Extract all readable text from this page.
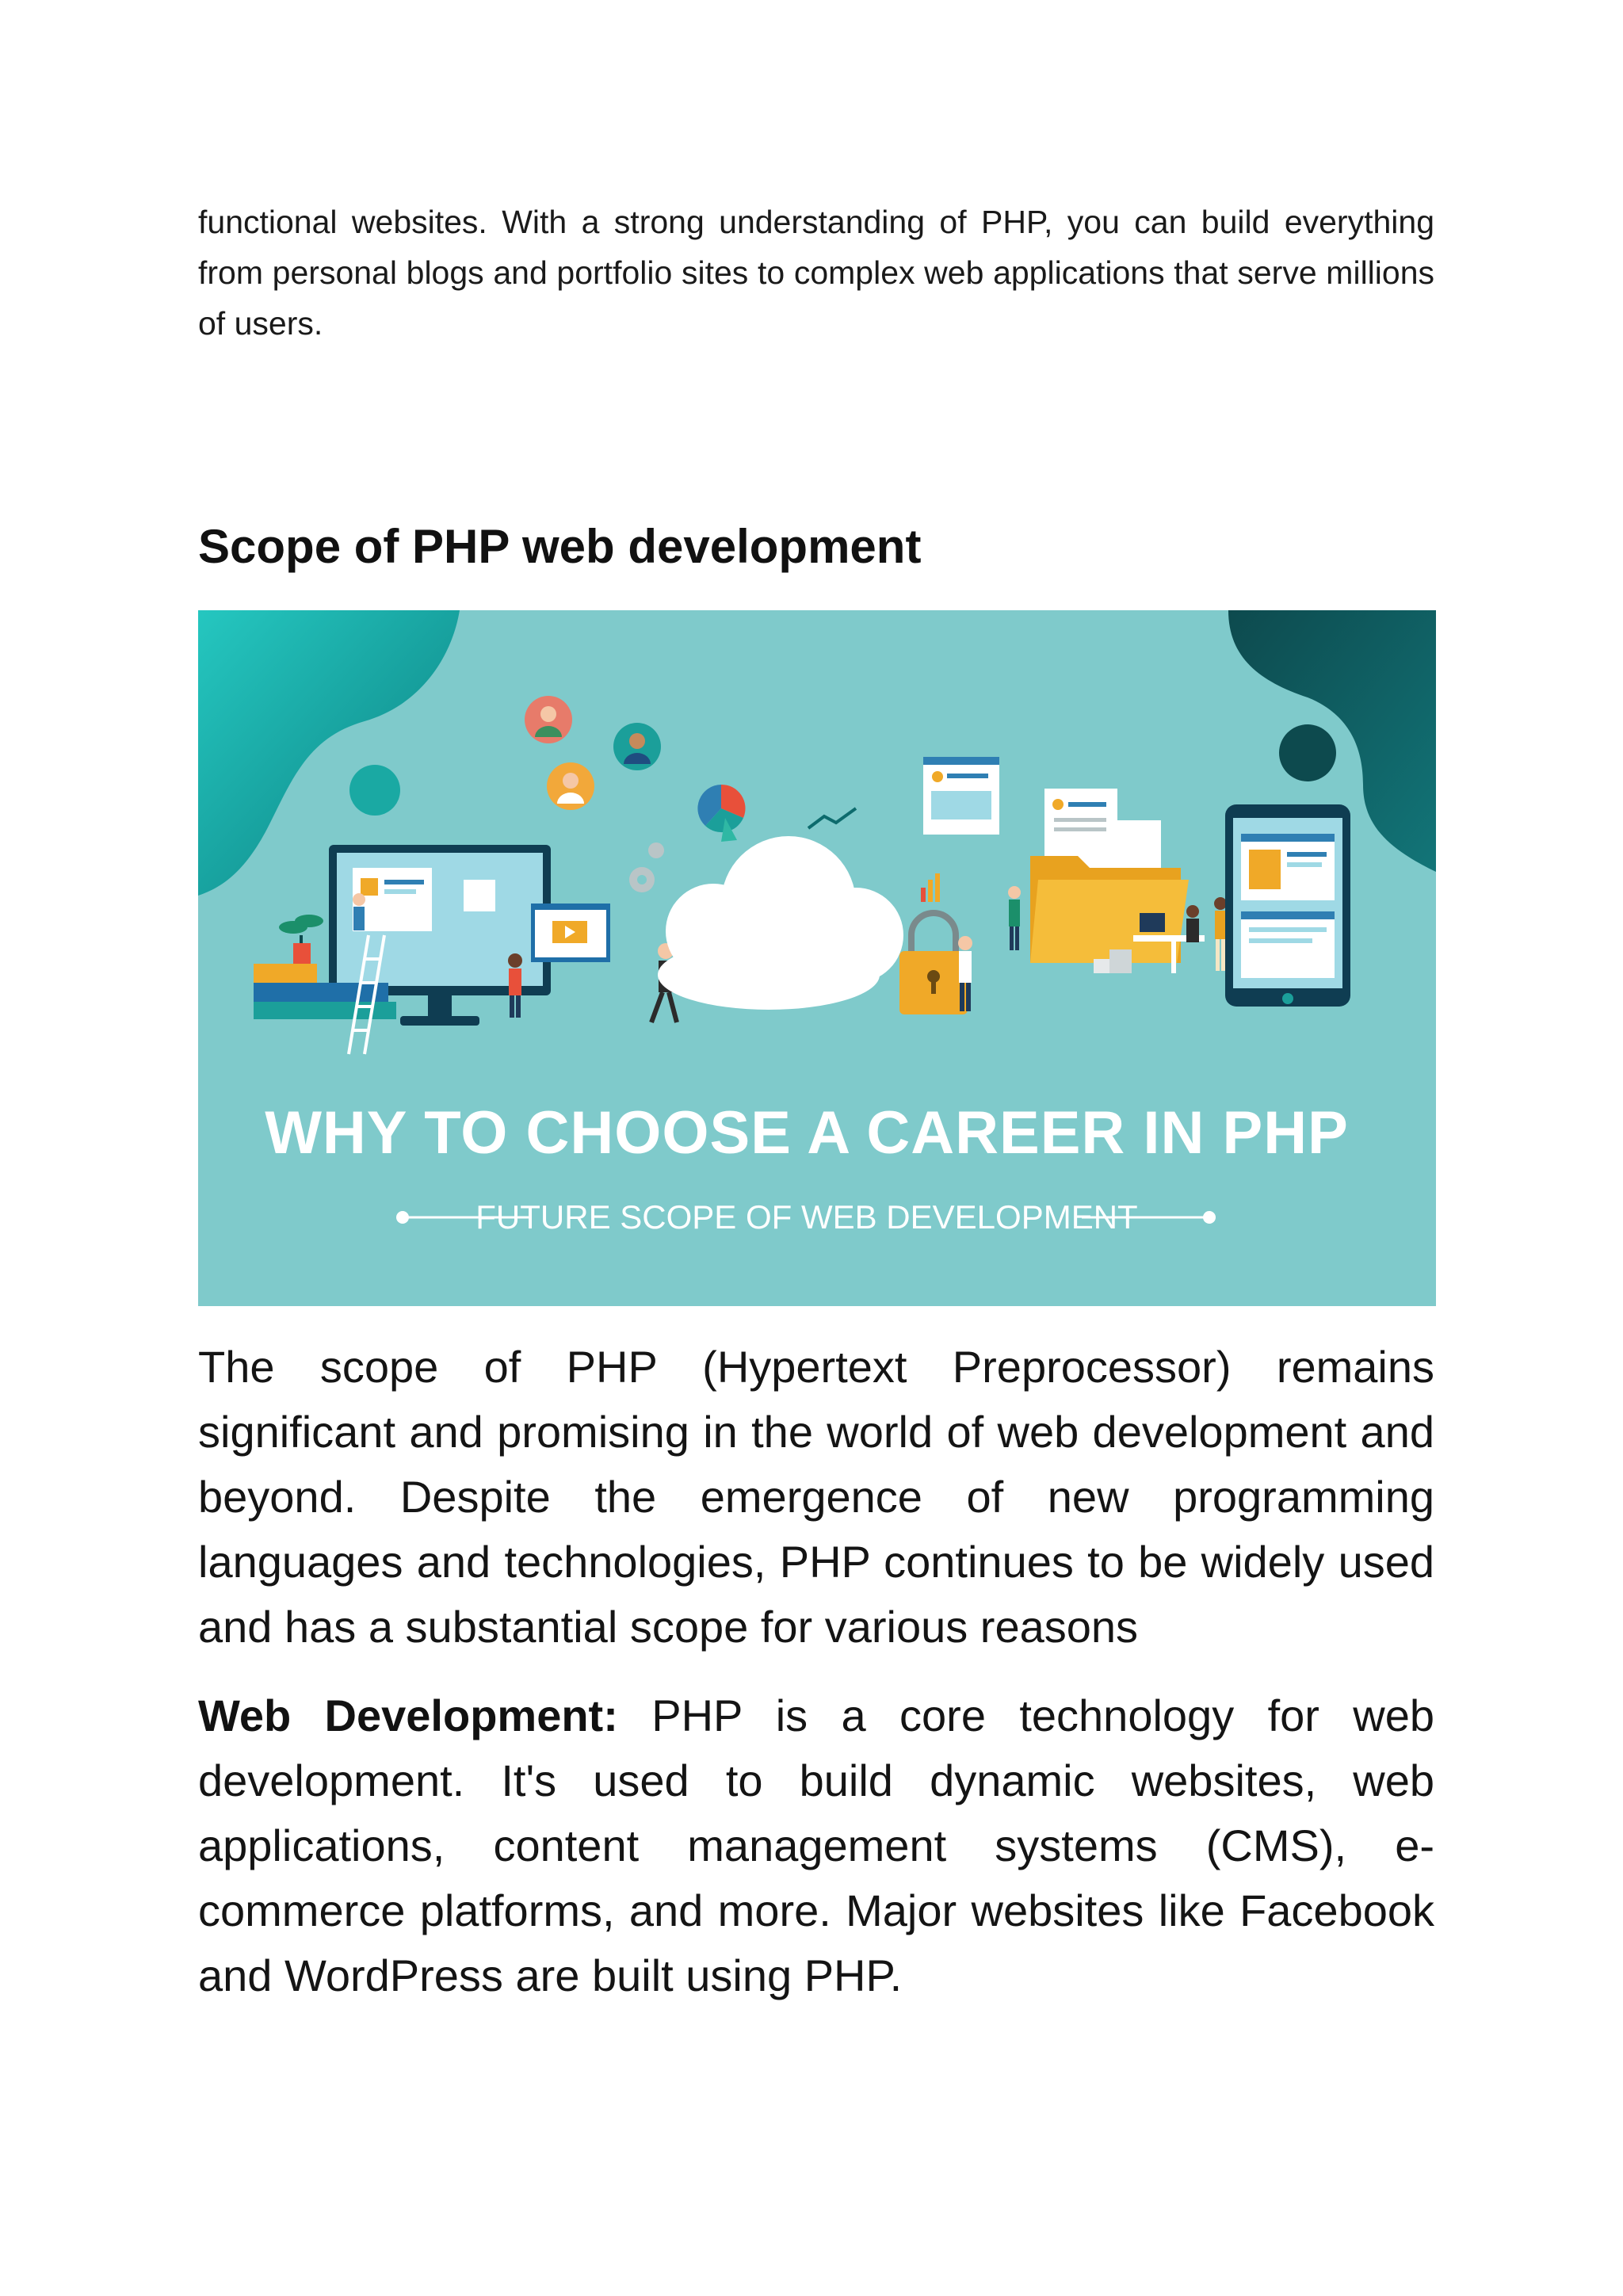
functional websites. With a strong understanding of PHP, you can build everything from personal blogs and portfolio sites to complex web applications that serve millions of users.

Scope of PHP web development
WHY TO CHOOSE A CAREER IN PHP
FUTURE SCOPE OF WEB DEVELOPMENT

The scope of PHP (Hypertext Preprocessor) remains significant and promising in the world of web development and beyond. Despite the emergence of new programming languages and technologies, PHP continues to be widely used and has a substantial scope for various reasons

Web Development: PHP is a core technology for web development. It's used to build dynamic websites, web applications, content management systems (CMS), e-commerce platforms, and more. Major websites like Facebook and WordPress are built using PHP.
